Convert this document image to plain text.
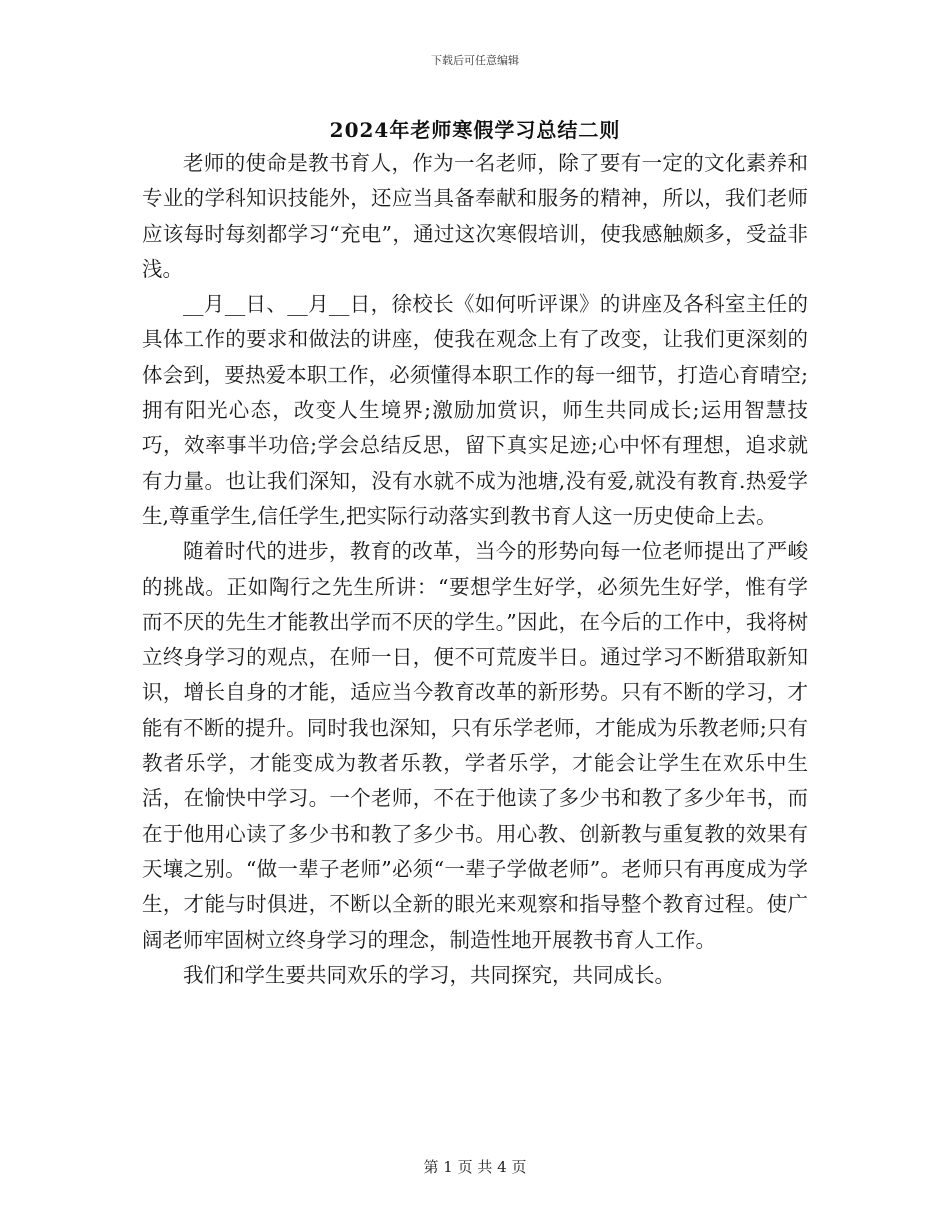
下载后可任意编辑
2024年老师寒假学习总结二则

老师的使命是教书育人，作为一名老师，除了要有一定的文化素养和专业的学科知识技能外，还应当具备奉献和服务的精神，所以，我们老师应该每时每刻都学习“充电”，通过这次寒假培训，使我感触颇多，受益非浅。

__月__日、__月__日，徐校长《如何听评课》的讲座及各科室主任的具体工作的要求和做法的讲座，使我在观念上有了改变，让我们更深刻的体会到，要热爱本职工作，必须懂得本职工作的每一细节，打造心育晴空;拥有阳光心态，改变人生境界;激励加赏识，师生共同成长;运用智慧技巧，效率事半功倍;学会总结反思，留下真实足迹;心中怀有理想，追求就有力量。也让我们深知，没有水就不成为池塘,没有爱,就没有教育.热爱学生,尊重学生,信任学生,把实际行动落实到教书育人这一历史使命上去。

随着时代的进步，教育的改革，当今的形势向每一位老师提出了严峻的挑战。正如陶行之先生所讲：“要想学生好学，必须先生好学，惟有学而不厌的先生才能教出学而不厌的学生。”因此，在今后的工作中，我将树立终身学习的观点，在师一日，便不可荒废半日。通过学习不断猎取新知识，增长自身的才能，适应当今教育改革的新形势。只有不断的学习，才能有不断的提升。同时我也深知，只有乐学老师，才能成为乐教老师;只有教者乐学，才能变成为教者乐教，学者乐学，才能会让学生在欢乐中生活，在愉快中学习。一个老师，不在于他读了多少书和教了多少年书，而在于他用心读了多少书和教了多少书。用心教、创新教与重复教的效果有天壤之别。“做一辈子老师”必须“一辈子学做老师”。老师只有再度成为学生，才能与时俱进，不断以全新的眼光来观察和指导整个教育过程。使广阔老师牢固树立终身学习的理念，制造性地开展教书育人工作。

我们和学生要共同欢乐的学习，共同探究，共同成长。

第 1 页 共 4 页
